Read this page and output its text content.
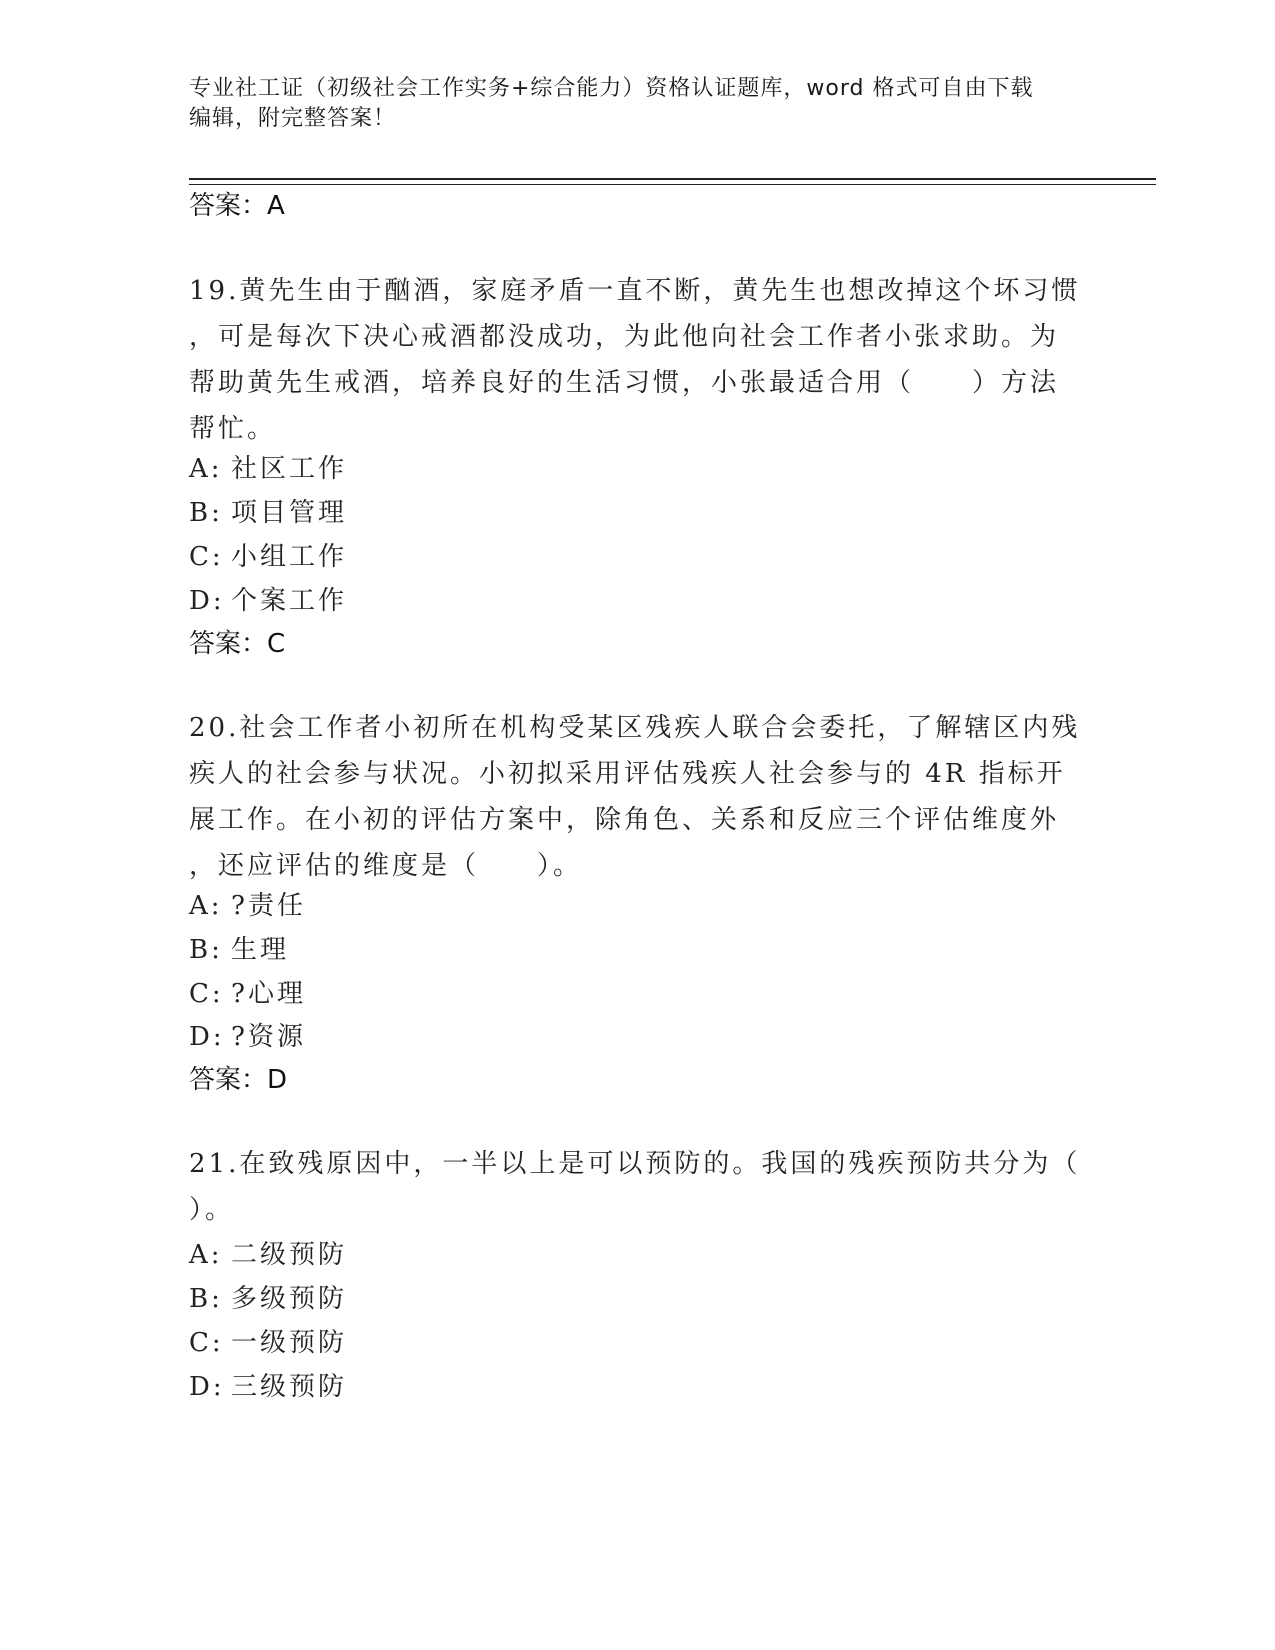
专业社工证（初级社会工作实务+综合能力）资格认证题库，word 格式可自由下载
编辑，附完整答案！
答案：A
19.黄先生由于酗酒，家庭矛盾一直不断，黄先生也想改掉这个坏习惯
，可是每次下决心戒酒都没成功，为此他向社会工作者小张求助。为
帮助黄先生戒酒，培养良好的生活习惯，小张最适合用（　　）方法
帮忙。
A: 社区工作
B: 项目管理
C: 小组工作
D: 个案工作
答案：C
20.社会工作者小初所在机构受某区残疾人联合会委托，了解辖区内残
疾人的社会参与状况。小初拟采用评估残疾人社会参与的 4R 指标开
展工作。在小初的评估方案中，除角色、关系和反应三个评估维度外
，还应评估的维度是（　　）。
A: ?责任
B: 生理
C: ?心理
D: ?资源
答案：D
21.在致残原因中，一半以上是可以预防的。我国的残疾预防共分为（
）。
A: 二级预防
B: 多级预防
C: 一级预防
D: 三级预防
